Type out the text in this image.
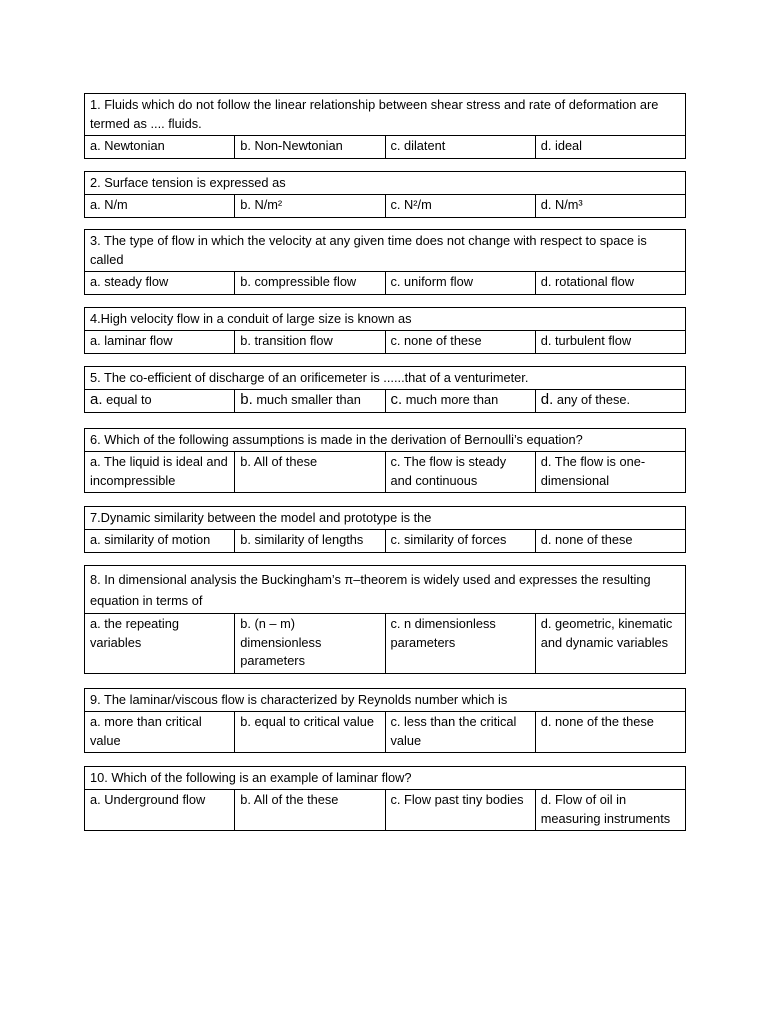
1. Fluids which do not follow the linear relationship between shear stress and rate of deformation are termed as .... fluids.
a. Newtonian	b. Non-Newtonian	c. dilatent	d. ideal
2. Surface tension is expressed as
a. N/m	b. N/m²	c. N²/m	d. N/m³
3. The type of flow in which the velocity at any given time does not change with respect to space is called
a. steady flow	b. compressible flow	c. uniform flow	d. rotational flow
4.High velocity flow in a conduit of large size is known as
a. laminar flow	b. transition flow	c. none of these	d. turbulent flow
5. The co-efficient of discharge of an orificemeter is ......that of a venturimeter.
a. equal to	b. much smaller than	c. much more than	d. any of these.
6. Which of the following assumptions is made in the derivation of Bernoulli’s equation?
a. The liquid is ideal and incompressible	b. All of these	c. The flow is steady and continuous	d. The flow is one-dimensional
7.Dynamic similarity between the model and prototype is the
a. similarity of motion	b. similarity of lengths	c. similarity of forces	d. none of these
8. In dimensional analysis the Buckingham’s π–theorem is widely used and expresses the resulting equation in terms of
a. the repeating variables	b. (n – m) dimensionless parameters	c. n dimensionless parameters	d. geometric, kinematic and dynamic variables
9. The laminar/viscous flow is characterized by Reynolds number which is
a. more than critical value	b. equal to critical value	c. less than the critical value	d. none of the these
10. Which of the following is an example of laminar flow?
a. Underground flow	b. All of the these	c. Flow past tiny bodies	d. Flow of oil in measuring instruments
